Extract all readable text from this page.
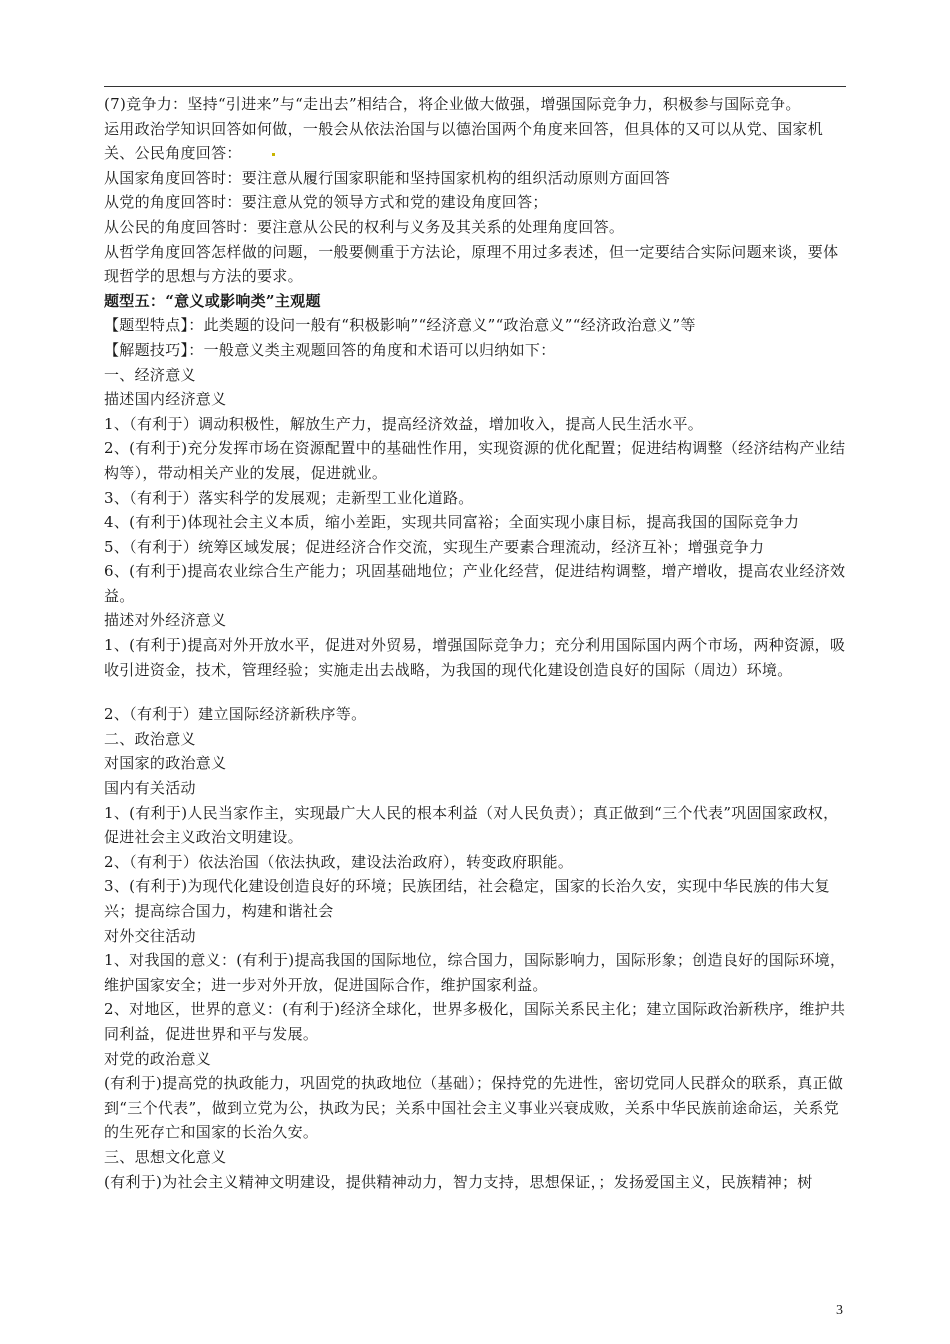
(7)竞争力：坚持“引进来”与“走出去”相结合，将企业做大做强，增强国际竞争力，积极参与国际竞争。

运用政治学知识回答如何做，一般会从依法治国与以德治国两个角度来回答，但具体的又可以从党、国家机关、公民角度回答：

从国家角度回答时：要注意从履行国家职能和坚持国家机构的组织活动原则方面回答

从党的角度回答时：要注意从党的领导方式和党的建设角度回答；

从公民的角度回答时：要注意从公民的权利与义务及其关系的处理角度回答。

从哲学角度回答怎样做的问题，一般要侧重于方法论，原理不用过多表述，但一定要结合实际问题来谈，要体现哲学的思想与方法的要求。

题型五：“意义或影响类”主观题

【题型特点】：此类题的设问一般有“积极影响”“经济意义”“政治意义”“经济政治意义”等

【解题技巧】：一般意义类主观题回答的角度和术语可以归纳如下：

一、经济意义

描述国内经济意义

1、（有利于）调动积极性，解放生产力，提高经济效益，增加收入，提高人民生活水平。

2、(有利于)充分发挥市场在资源配置中的基础性作用，实现资源的优化配置；促进结构调整（经济结构产业结构等），带动相关产业的发展，促进就业。

3、（有利于）落实科学的发展观；走新型工业化道路。

4、(有利于)体现社会主义本质，缩小差距，实现共同富裕；全面实现小康目标，提高我国的国际竞争力

5、（有利于）统筹区域发展；促进经济合作交流，实现生产要素合理流动，经济互补；增强竞争力

6、(有利于)提高农业综合生产能力；巩固基础地位；产业化经营，促进结构调整，增产增收，提高农业经济效益。

描述对外经济意义

1、(有利于)提高对外开放水平，促进对外贸易，增强国际竞争力；充分利用国际国内两个市场，两种资源，吸收引进资金，技术，管理经验；实施走出去战略，为我国的现代化建设创造良好的国际（周边）环境。

2、（有利于）建立国际经济新秩序等。

二、政治意义

对国家的政治意义

国内有关活动

1、(有利于)人民当家作主，实现最广大人民的根本利益（对人民负责）；真正做到“三个代表”巩固国家政权，促进社会主义政治文明建设。

2、（有利于）依法治国（依法执政，建设法治政府），转变政府职能。

3、(有利于)为现代化建设创造良好的环境；民族团结，社会稳定，国家的长治久安，实现中华民族的伟大复兴；提高综合国力，构建和谐社会

对外交往活动

1、对我国的意义：(有利于)提高我国的国际地位，综合国力，国际影响力，国际形象；创造良好的国际环境，维护国家安全；进一步对外开放，促进国际合作，维护国家利益。

2、对地区，世界的意义：(有利于)经济全球化，世界多极化，国际关系民主化；建立国际政治新秩序，维护共同利益，促进世界和平与发展。

对党的政治意义

(有利于)提高党的执政能力，巩固党的执政地位（基础）；保持党的先进性，密切党同人民群众的联系，真正做到“三个代表”，做到立党为公，执政为民；关系中国社会主义事业兴衰成败，关系中华民族前途命运，关系党的生死存亡和国家的长治久安。

三、思想文化意义

(有利于)为社会主义精神文明建设，提供精神动力，智力支持，思想保证，；发扬爱国主义，民族精神；树

3
